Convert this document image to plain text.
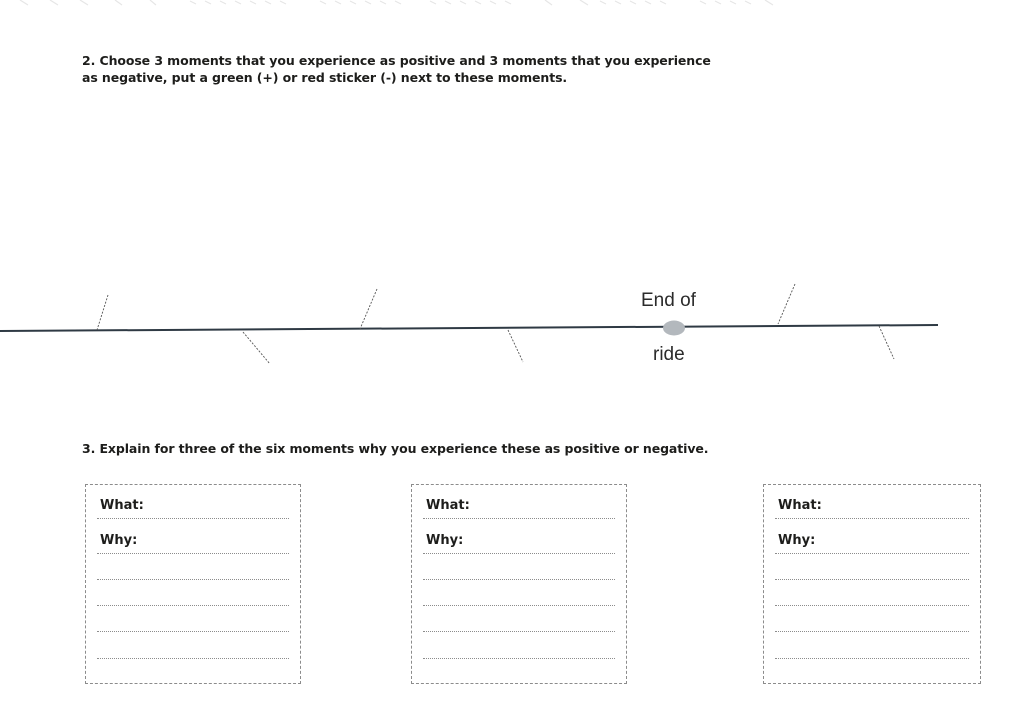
2. Choose 3 moments that you experience as positive and 3 moments that you experience as negative, put a green (+) or red sticker (-) next to these moments.

End of
ride

3. Explain for three of the six moments why you experience these as positive or negative.

What:
Why:
What:
Why:
What:
Why:
